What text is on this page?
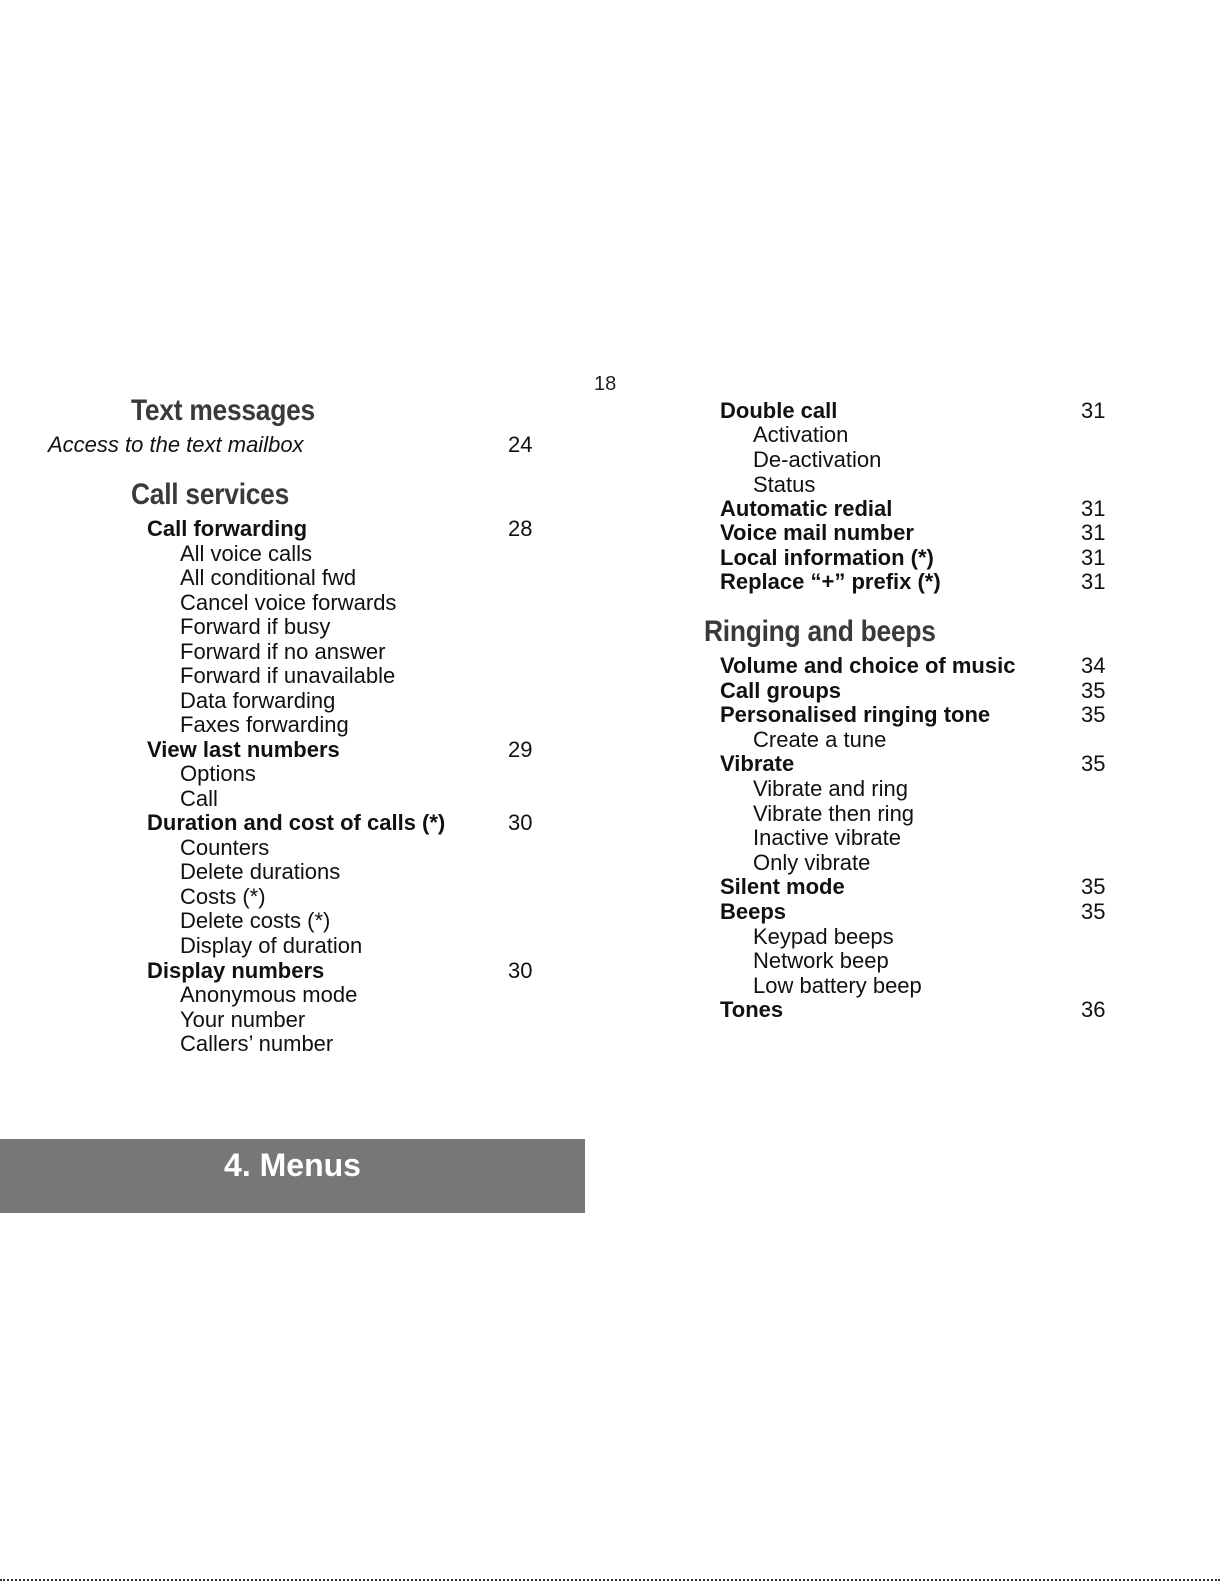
18
Text messages
Access to the text mailbox	24
Call services
Call forwarding	28
All voice calls
All conditional fwd
Cancel voice forwards
Forward if busy
Forward if no answer
Forward if unavailable
Data forwarding
Faxes forwarding
View last numbers	29
Options
Call
Duration and cost of calls (*)	30
Counters
Delete durations
Costs (*)
Delete costs (*)
Display of duration
Display numbers	30
Anonymous mode
Your number
Callers’ number
Double call	31
Activation
De-activation
Status
Automatic redial	31
Voice mail number	31
Local information (*)	31
Replace “+” prefix (*)	31
Ringing and beeps
Volume and choice of music	34
Call groups	35
Personalised ringing tone	35
Create a tune
Vibrate	35
Vibrate and ring
Vibrate then ring
Inactive vibrate
Only vibrate
Silent mode	35
Beeps	35
Keypad beeps
Network beep
Low battery beep
Tones	36
4. Menus
